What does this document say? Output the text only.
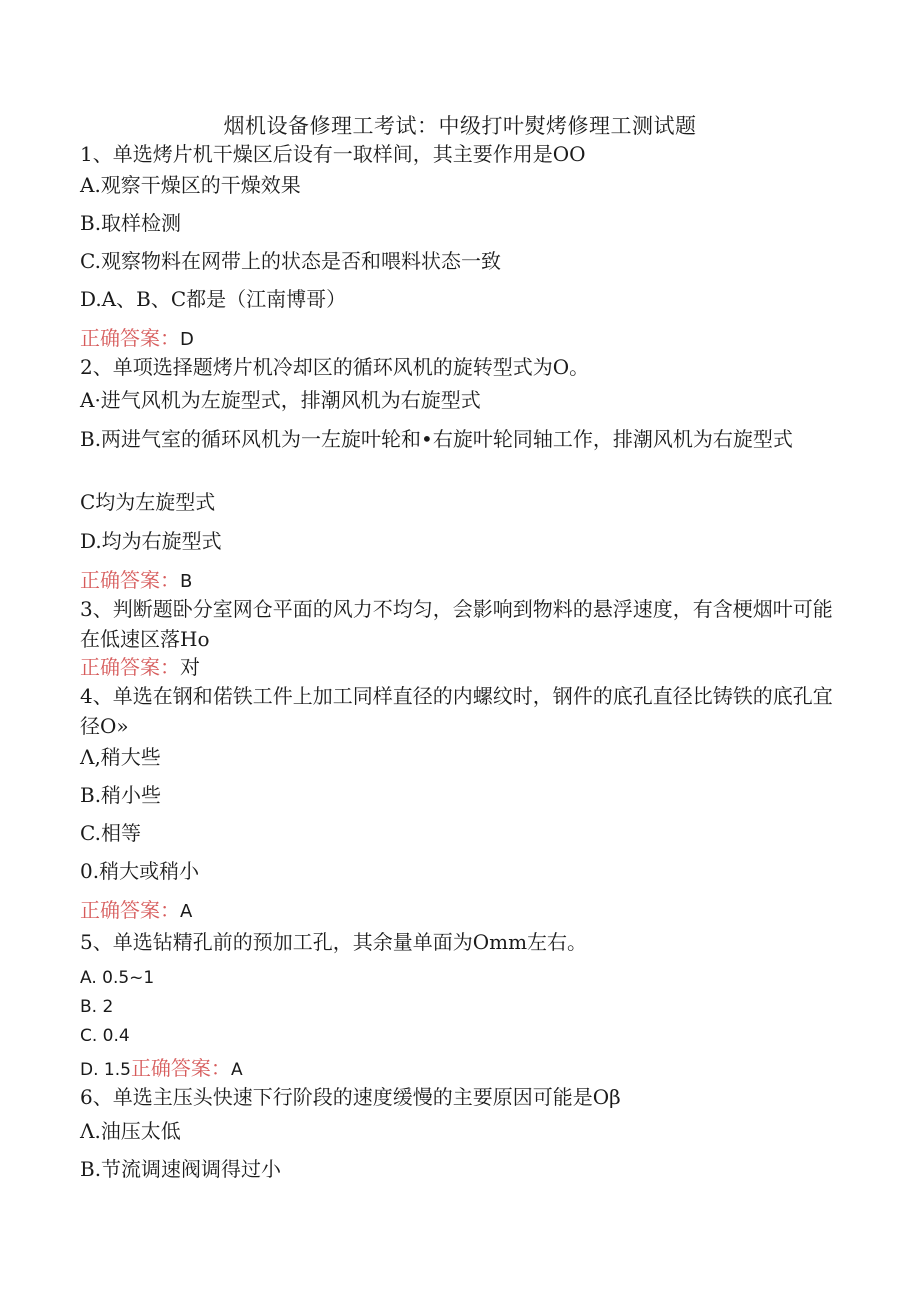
烟机设备修理工考试：中级打叶熨烤修理工测试题
1、单选烤片机干燥区后设有一取样间，其主要作用是OO
A.观察干燥区的干燥效果
B.取样检测
C.观察物料在网带上的状态是否和喂料状态一致
D.A、B、C都是（江南博哥）
正确答案：D
2、单项选择题烤片机冷却区的循环风机的旋转型式为O。
A·进气风机为左旋型式，排潮风机为右旋型式
B.两进气室的循环风机为一左旋叶轮和•右旋叶轮同轴工作，排潮风机为右旋型式
C均为左旋型式
D.均为右旋型式
正确答案：B
3、判断题卧分室网仓平面的风力不均匀，会影响到物料的悬浮速度，有含梗烟叶可能在低速区落Ho
正确答案：对
4、单选在钢和偌铁工件上加工同样直径的内螺纹时，钢件的底孔直径比铸铁的底孔宜径O»
Λ,稍大些
B.稍小些
C.相等
0.稍大或稍小
正确答案：A
5、单选钻精孔前的预加工孔，其余量单面为Omm左右。
A. 0.5~1
B. 2
C. 0.4
D. 1.5正确答案：A
6、单选主压头快速下行阶段的速度缓慢的主要原因可能是Oβ
Λ.油压太低
B.节流调速阀调得过小
